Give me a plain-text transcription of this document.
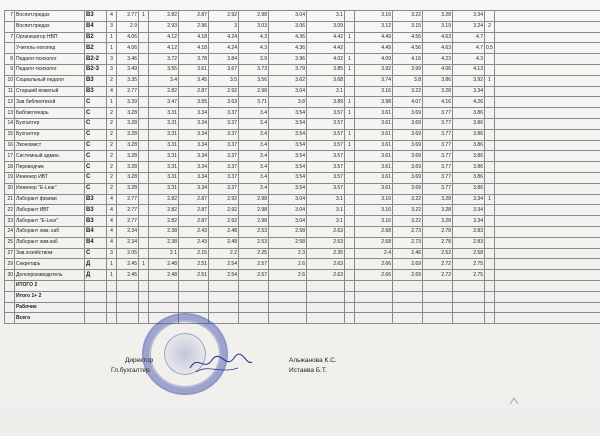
7	Воспит.предах	В3	4	2.77	1	2.82	2.87	2.92	2.98	3.04	3.1		3.16	3.22	3.28	3.34		
	Воспит.предах	В4	3	2.9		2.93	2.96	3	3.03	3.06	3.09		3.12	3.15	3.19	3.24	2	
7	Организатор НВП	В2	1	4.06		4.12	4.18	4.24	4.3	4.36	4.42	1	4.49	4.56	4.63	4.7		
	Учитель-логопед	В2	1	4.06		4.12	4.18	4.24	4.3	4.36	4.42		4.49	4.56	4.63	4.7	0.5	
8	Педагог-психолог	В2-2	3	3.46		3.72	3.78	3.84	3.9	3.96	4.02	1	4.09	4.16	4.23	4.3		
9	Педагог-психолог	В2-3	3	3.49		3.55	3.61	3.67	3.73	3.79	3.85	1	3.92	3.99	4.06	4.13		
10	Социальный педагог	В3	2	3.35		3.4	3.45	3.5	3.56	3.62	3.68		3.74	3.8	3.86	3.92	1	
11	Старший вожатый	В3	4	2.77		2.82	2.87	2.92	2.98	3.04	3.1		3.16	3.22	3.28	3.34		
12	Зав библиотекой	С	1	3.39		3.47	3.55	3.63	3.71	3.8	3.89	1	3.98	4.07	4.16	4.26		
13	Библиотекарь	С	2	3.28		3.31	3.34	3.37	3.4	3.54	3.57	1	3.61	3.69	3.77	3.86		
14	Бухгалтер	С	2	3.28		3.31	3.34	3.37	3.4	3.54	3.57		3.61	3.69	3.77	3.86		
15	Бухгалтер	С	2	3.28		3.31	3.34	3.37	3.4	3.54	3.57	1	3.61	3.69	3.77	3.86		
16	Экономист	С	2	3.28		3.31	3.34	3.37	3.4	3.54	3.57	1	3.61	3.69	3.77	3.86		
17	Системный админ.	С	2	3.28		3.31	3.34	3.37	3.4	3.54	3.57		3.61	3.69	3.77	3.86		
18	Переводчик	С	2	3.28		3.31	3.34	3.37	3.4	3.54	3.57		3.61	3.69	3.77	3.86		
19	Инженер ИВТ	С	2	3.28		3.31	3.34	3.37	3.4	3.54	3.57		3.61	3.69	3.77	3.86		
20	Инженер "E-Lear"	С	2	3.28		3.31	3.34	3.37	3.4	3.54	3.57		3.61	3.69	3.77	3.86		
21	Лаборант физики	В3	4	2.77		2.82	2.87	2.92	2.98	3.04	3.1		3.16	3.22	3.28	3.34	1	
22	Лаборант ИВТ	В3	4	2.77		2.82	2.87	2.92	2.98	3.04	3.1		3.16	3.22	3.28	3.34		
23	Лаборант "E-Lear"	В3	4	2.77		2.82	2.87	2.92	2.98	3.04	3.1		3.16	3.22	3.28	3.34		
24	Лаборант хим. каб	В4	4	2.34		2.38	2.43	2.48	2.53	2.58	2.63		2.68	2.73	2.78	2.83		
25	Лаборант хим.каб	В4	4	2.34		2.38	2.43	2.48	2.53	2.58	2.63		2.68	2.73	2.78	2.83		
27	Зав.хозяйством	С	3	2.05		2.1	2.15	2.2	2.25	2.3	2.35		2.4	2.46	2.52	2.58		
29	Секретарь	Д	1	2.45	1	2.48	2.51	2.54	2.57	2.6	2.63		2.66	2.69	2.72	2.75		
30	Делопроизводитель	Д	1	2.45		2.48	2.51	2.54	2.57	2.6	2.63		2.66	2.69	2.72	2.75		
	ИТОГО 2																	
	Итого 1+ 2																	
	Рабочие																	
	Всего																	
Директор	Альжанова К.С.
Гл.бухгалтер	Истаева Б.Т.
